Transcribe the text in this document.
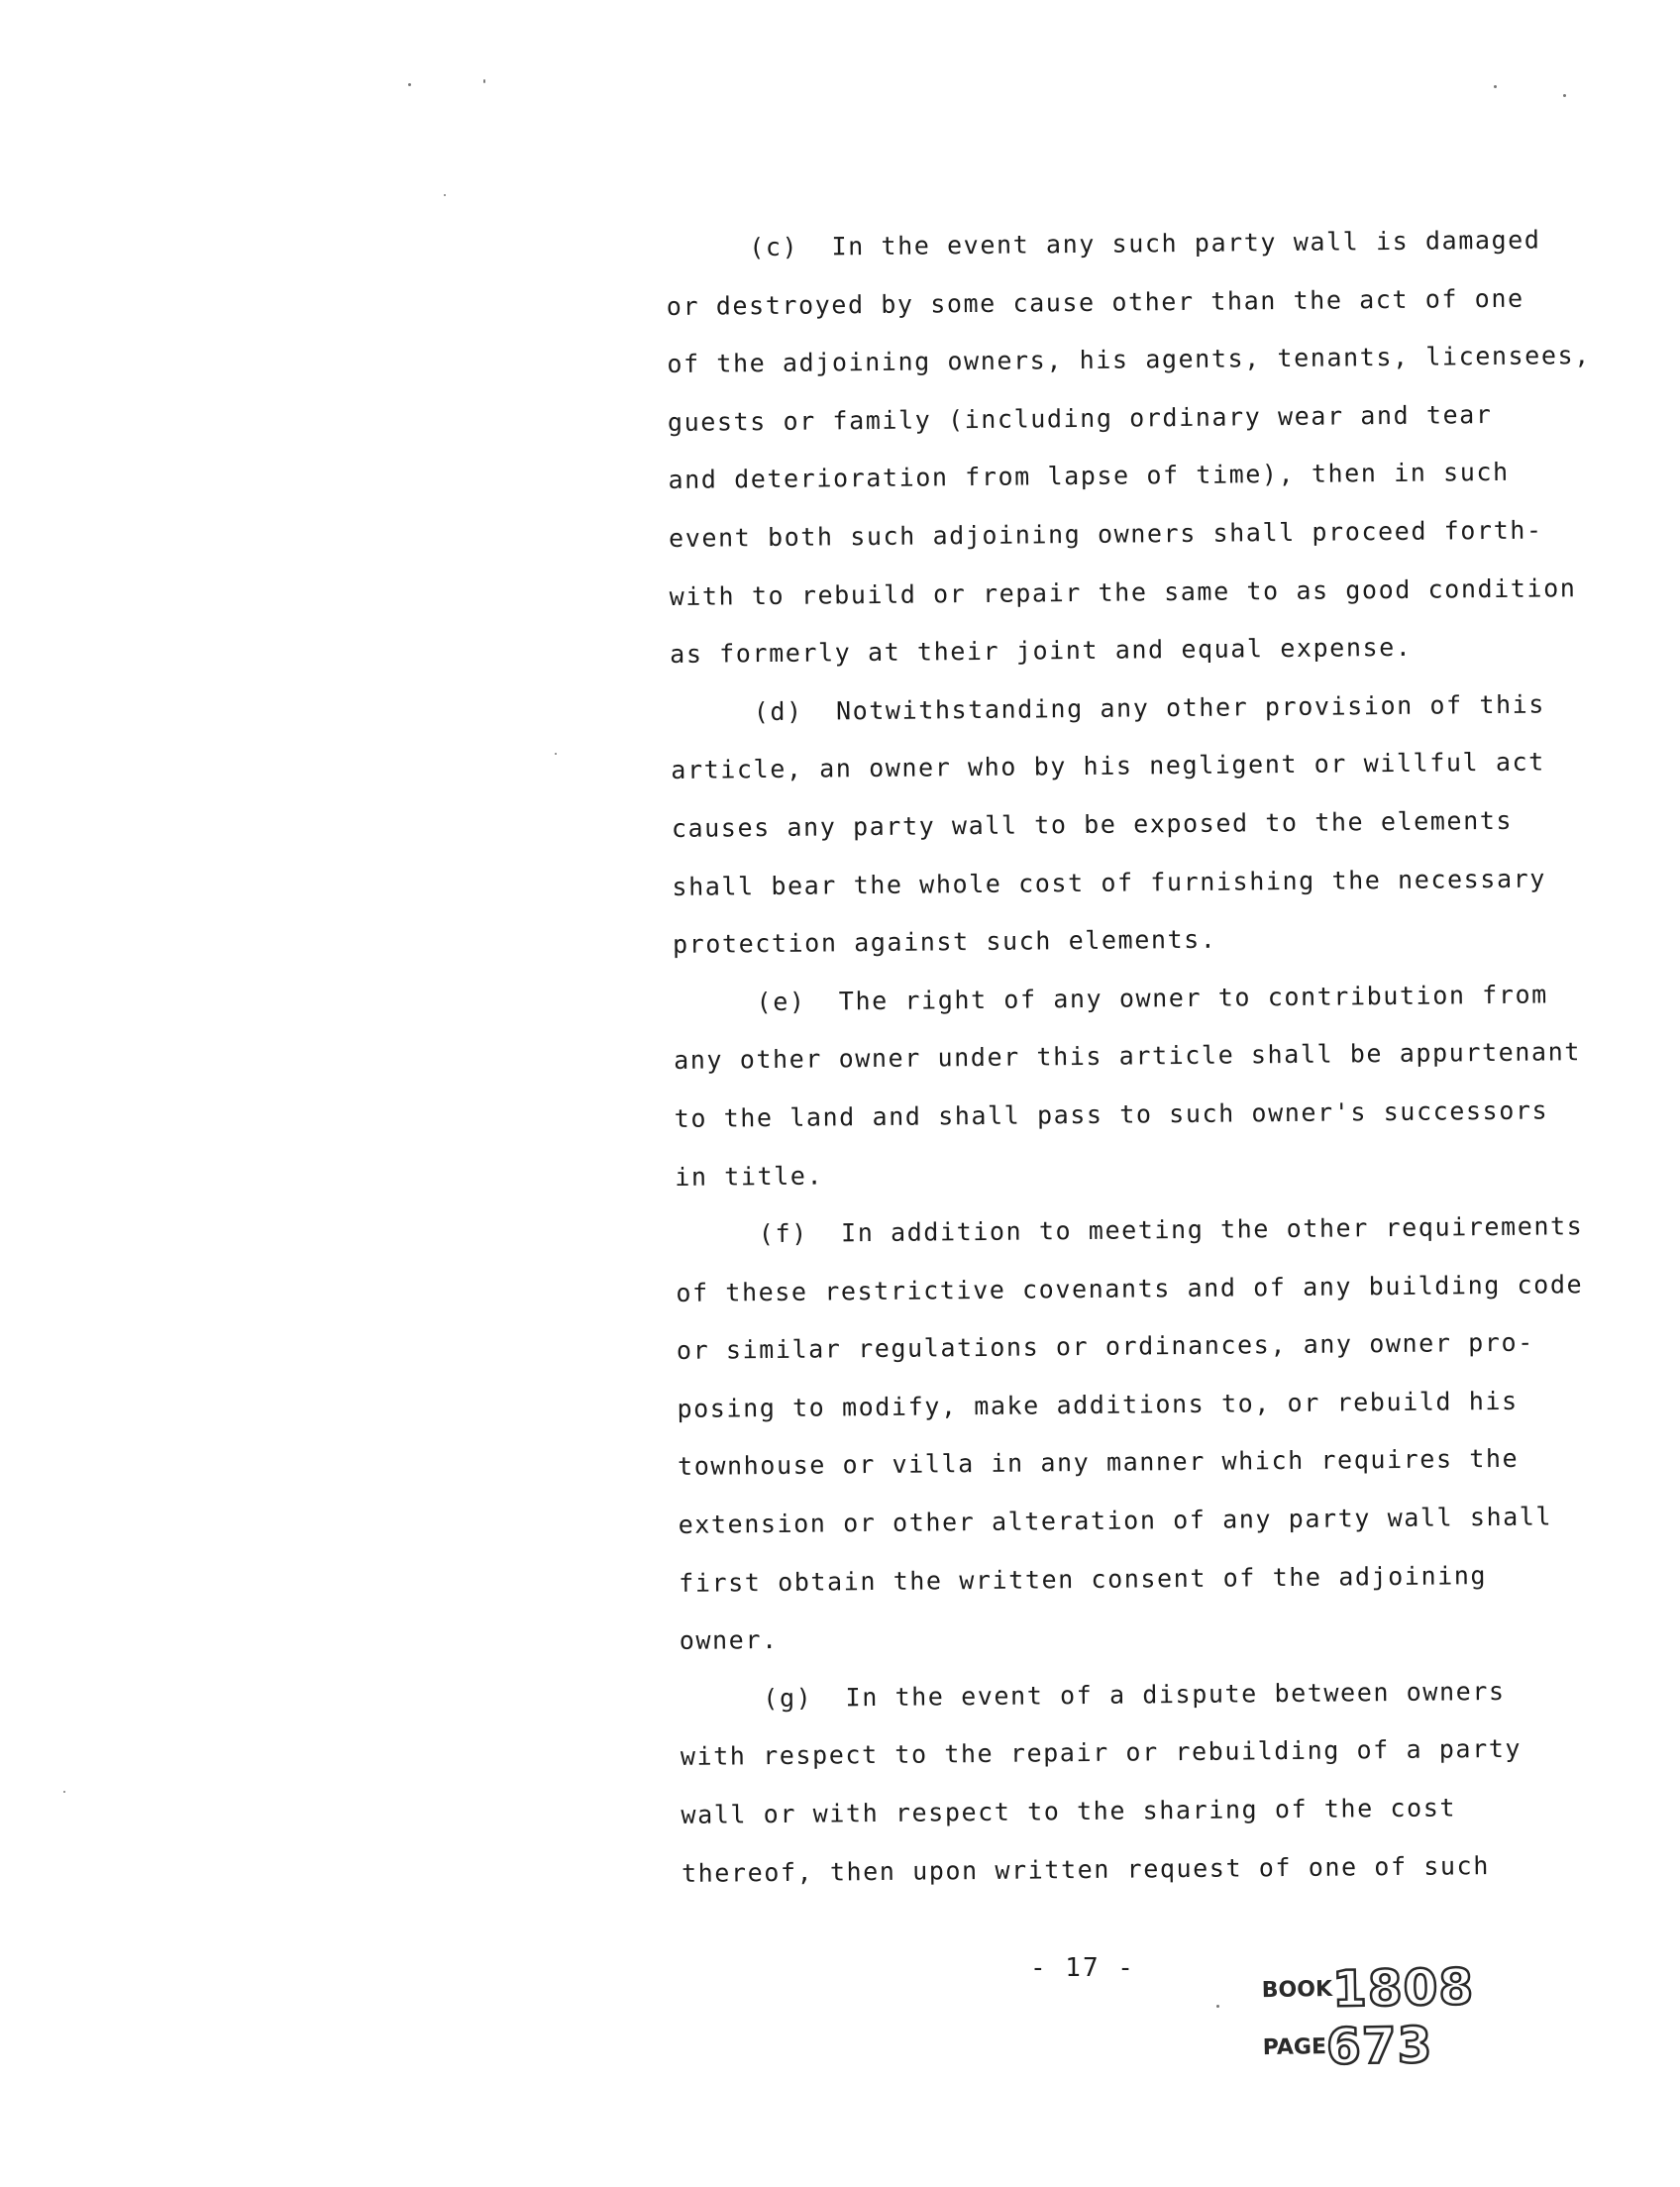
(c)  In the event any such party wall is damaged
or destroyed by some cause other than the act of one
of the adjoining owners, his agents, tenants, licensees,
guests or family (including ordinary wear and tear
and deterioration from lapse of time), then in such
event both such adjoining owners shall proceed forth-
with to rebuild or repair the same to as good condition
as formerly at their joint and equal expense.
(d)  Notwithstanding any other provision of this
article, an owner who by his negligent or willful act
causes any party wall to be exposed to the elements
shall bear the whole cost of furnishing the necessary
protection against such elements.
(e)  The right of any owner to contribution from
any other owner under this article shall be appurtenant
to the land and shall pass to such owner's successors
in title.
(f)  In addition to meeting the other requirements
of these restrictive covenants and of any building code
or similar regulations or ordinances, any owner pro-
posing to modify, make additions to, or rebuild his
townhouse or villa in any manner which requires the
extension or other alteration of any party wall shall
first obtain the written consent of the adjoining
owner.
(g)  In the event of a dispute between owners
with respect to the repair or rebuilding of a party
wall or with respect to the sharing of the cost
thereof, then upon written request of one of such
- 17 -

BOOK1808
PAGE673
